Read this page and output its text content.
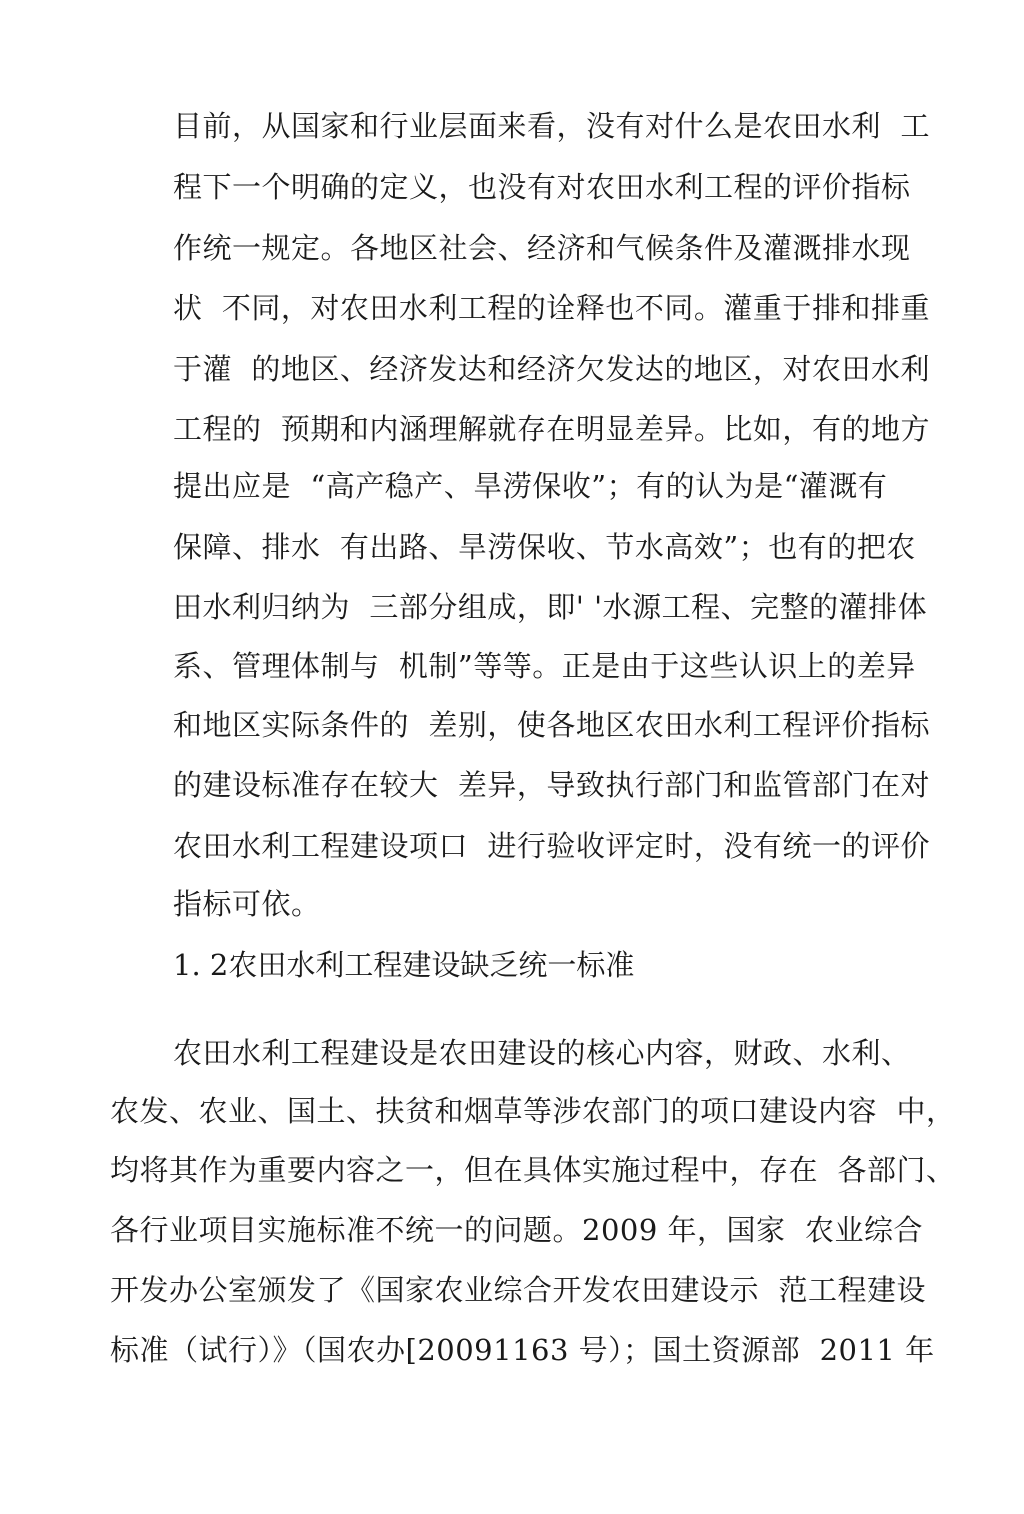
目前，从国家和行业层面来看，没有对什么是农田水利  工
程下一个明确的定义，也没有对农田水利工程的评价指标
作统一规定。各地区社会、经济和气候条件及灌溉排水现
状  不同，对农田水利工程的诠释也不同。灌重于排和排重
于灌  的地区、经济发达和经济欠发达的地区，对农田水利
工程的  预期和内涵理解就存在明显差异。比如，有的地方
提出应是  “高产稳产、旱涝保收”；有的认为是“灌溉有
保障、排水  有出路、旱涝保收、节水高效”；也有的把农
田水利归纳为  三部分组成，即' '水源工程、完整的灌排体
系、管理体制与  机制”等等。正是由于这些认识上的差异
和地区实际条件的  差别，使各地区农田水利工程评价指标
的建设标准存在较大  差异，导致执行部门和监管部门在对
农田水利工程建设项口  进行验收评定时，没有统一的评价
指标可依。
1. 2农田水利工程建设缺乏统一标准
农田水利工程建设是农田建设的核心内容，财政、水利、
农发、农业、国土、扶贫和烟草等涉农部门的项口建设内容  中，
均将其作为重要内容之一，但在具体实施过程中，存在  各部门、
各行业项目实施标准不统一的问题。2009 年，国家  农业综合
开发办公室颁发了《国家农业综合开发农田建设示  范工程建设
标准（试行）》（国农办[20091163 号）；国土资源部  2011 年
